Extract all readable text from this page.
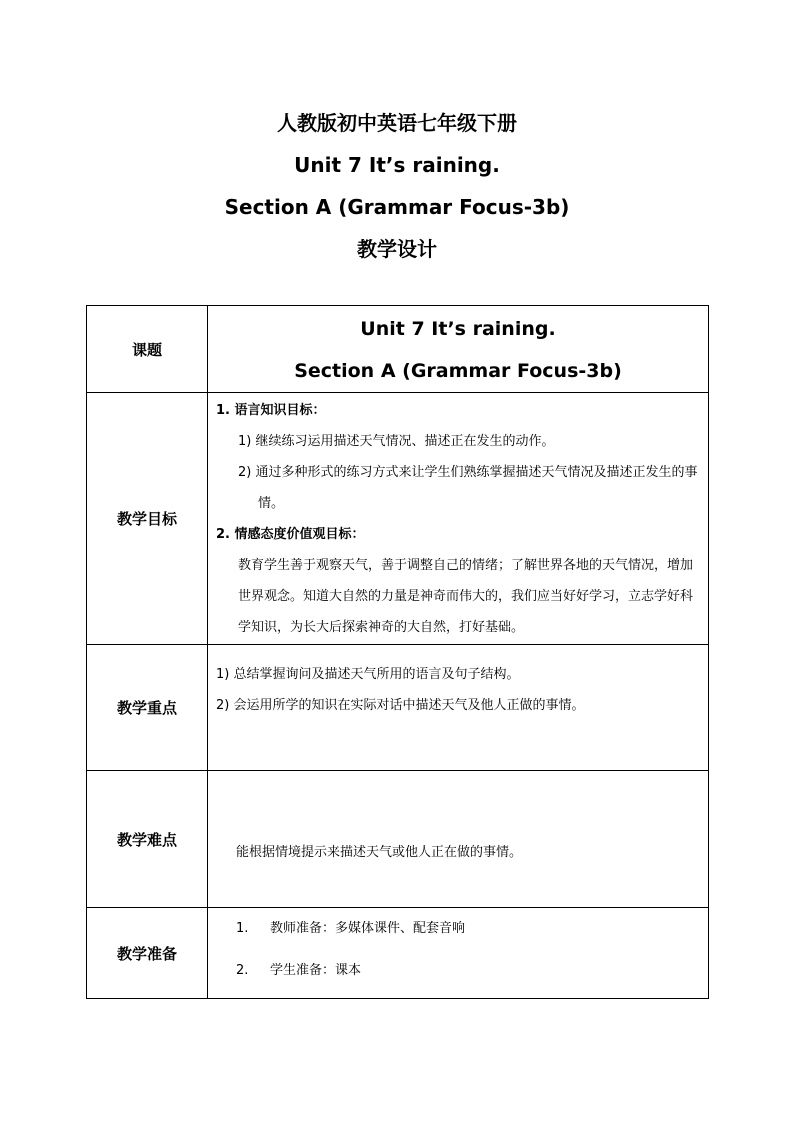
人教版初中英语七年级下册
Unit 7 It’s raining.
Section A (Grammar Focus-3b)
教学设计
课题	Unit 7 It’s raining.
Section A (Grammar Focus-3b)

教学目标	1. 语言知识目标：
1) 继续练习运用描述天气情况、描述正在发生的动作。
2) 通过多种形式的练习方式来让学生们熟练掌握描述天气情况及描述正发生的事情。
2. 情感态度价值观目标：
教育学生善于观察天气，善于调整自己的情绪；了解世界各地的天气情况，增加世界观念。知道大自然的力量是神奇而伟大的，我们应当好好学习，立志学好科学知识，为长大后探索神奇的大自然，打好基础。

教学重点	1) 总结掌握询问及描述天气所用的语言及句子结构。
2) 会运用所学的知识在实际对话中描述天气及他人正做的事情。

教学难点	能根据情境提示来描述天气或他人正在做的事情。

教学准备	1. 教师准备：多媒体课件、配套音响
2. 学生准备：课本
